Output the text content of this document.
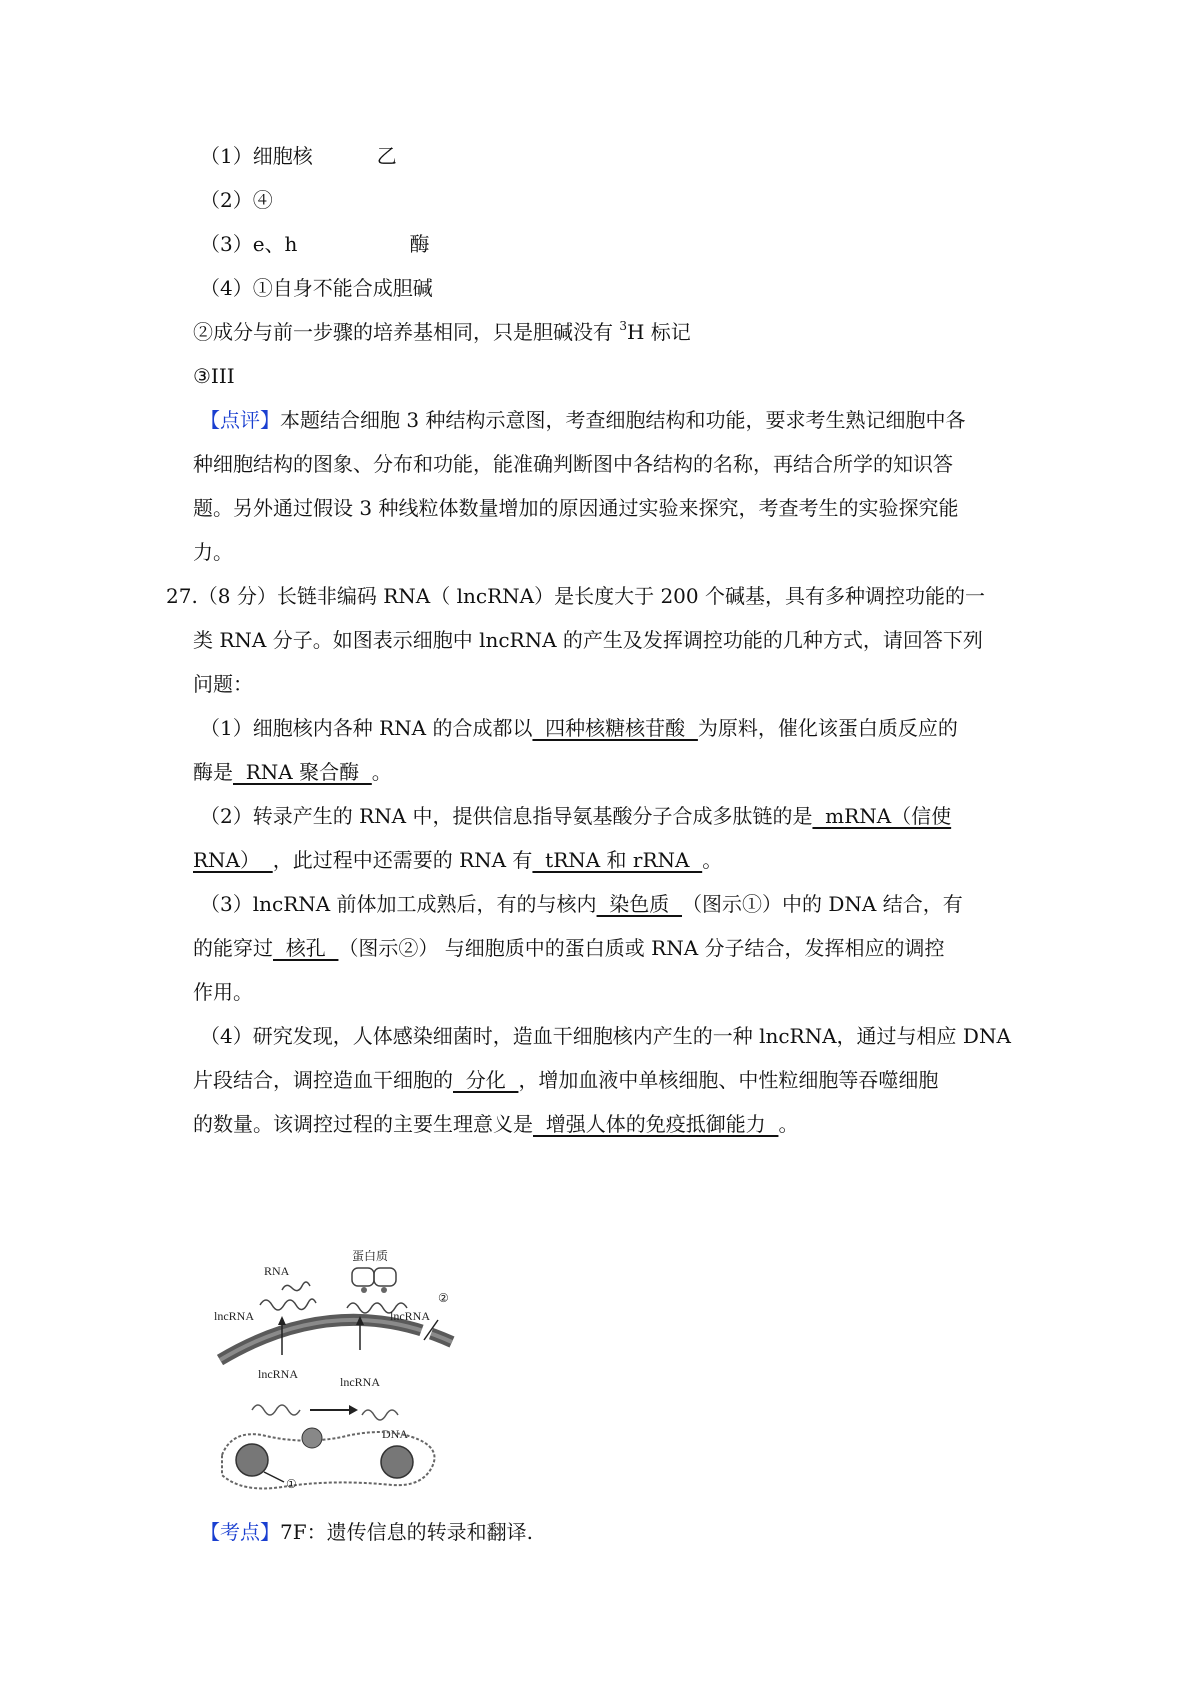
（1）细胞核	乙
（2）④
（3）e、h	酶
（4）①自身不能合成胆碱
②成分与前一步骤的培养基相同，只是胆碱没有 $^3$H 标记
③III
【点评】本题结合细胞 3 种结构示意图，考查细胞结构和功能，要求考生熟记细胞中各
种细胞结构的图象、分布和功能，能准确判断图中各结构的名称，再结合所学的知识答
题。另外通过假设 3 种线粒体数量增加的原因通过实验来探究，考查考生的实验探究能
力。
27.（8 分）长链非编码 RNA（ lncRNA）是长度大于 200 个碱基，具有多种调控功能的一
类 RNA 分子。如图表示细胞中 lncRNA 的产生及发挥调控功能的几种方式，请回答下列
问题：
（1）细胞核内各种 RNA 的合成都以  四种核糖核苷酸  为原料，催化该蛋白质反应的
酶是  RNA 聚合酶  。
（2）转录产生的 RNA 中，提供信息指导氨基酸分子合成多肽链的是  mRNA（信使
RNA）  ，此过程中还需要的 RNA 有  tRNA 和 rRNA  。
（3）lncRNA 前体加工成熟后，有的与核内  染色质  （图示①）中的 DNA 结合，有
的能穿过  核孔  （图示②） 与细胞质中的蛋白质或 RNA 分子结合，发挥相应的调控
作用。
（4）研究发现，人体感染细菌时，造血干细胞核内产生的一种 lncRNA，通过与相应 DNA
片段结合，调控造血干细胞的  分化  ，增加血液中单核细胞、中性粒细胞等吞噬细胞
的数量。该调控过程的主要生理意义是  增强人体的免疫抵御能力  。
②
RNA
lncRNA
蛋白质
lncRNA
lncRNA
lncRNA
DNA
①
【考点】7F：遗传信息的转录和翻译.
